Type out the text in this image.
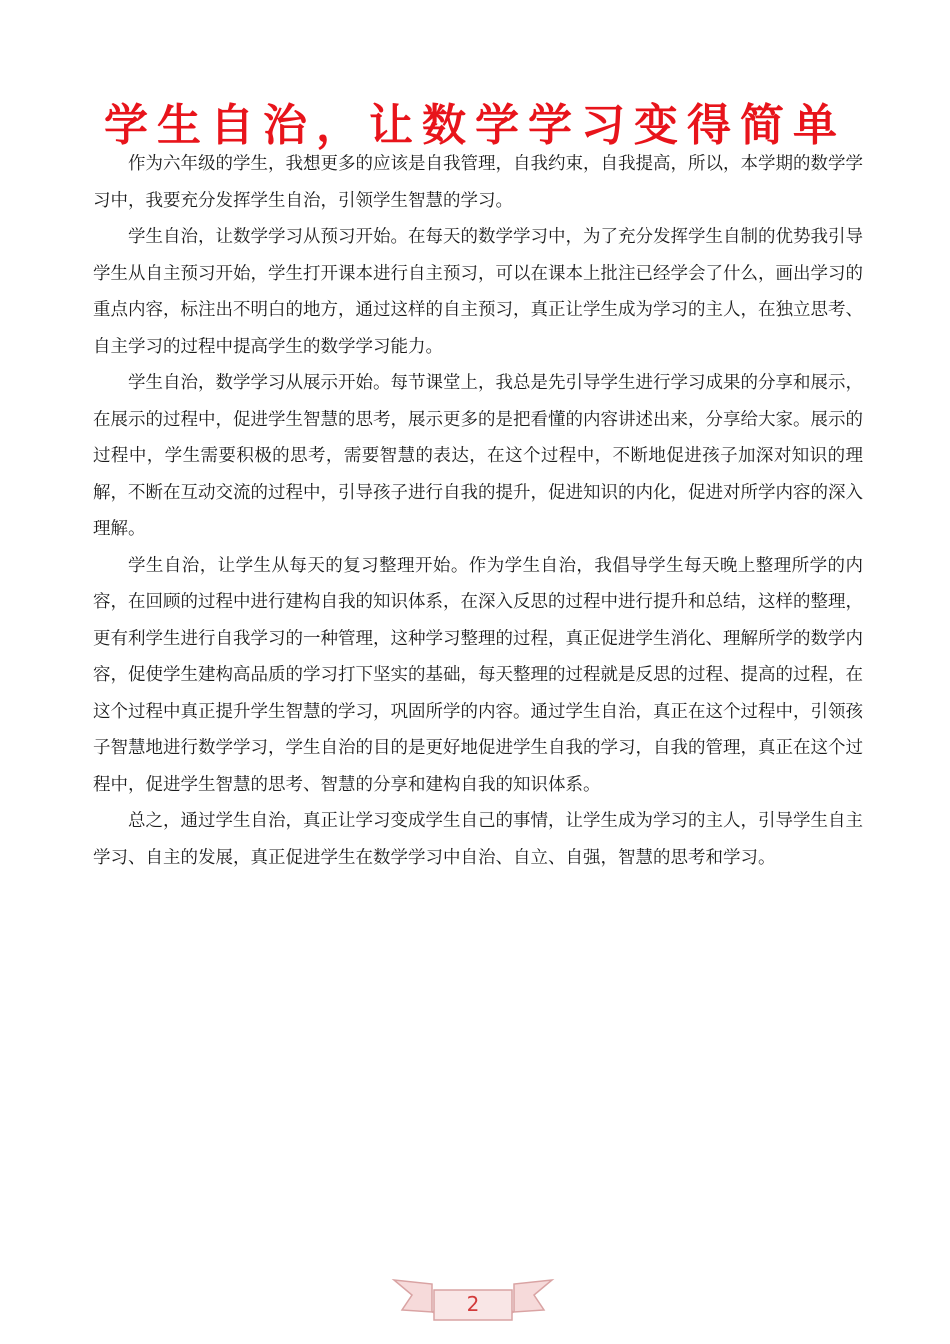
学生自治，让数学学习变得简单

作为六年级的学生，我想更多的应该是自我管理，自我约束，自我提高，所以，本学期的数学学习中，我要充分发挥学生自治，引领学生智慧的学习。

学生自治，让数学学习从预习开始。在每天的数学学习中，为了充分发挥学生自制的优势我引导学生从自主预习开始，学生打开课本进行自主预习，可以在课本上批注已经学会了什么，画出学习的重点内容，标注出不明白的地方，通过这样的自主预习，真正让学生成为学习的主人，在独立思考、自主学习的过程中提高学生的数学学习能力。

学生自治，数学学习从展示开始。每节课堂上，我总是先引导学生进行学习成果的分享和展示，在展示的过程中，促进学生智慧的思考，展示更多的是把看懂的内容讲述出来，分享给大家。展示的过程中，学生需要积极的思考，需要智慧的表达，在这个过程中，不断地促进孩子加深对知识的理解，不断在互动交流的过程中，引导孩子进行自我的提升，促进知识的内化，促进对所学内容的深入理解。

学生自治，让学生从每天的复习整理开始。作为学生自治，我倡导学生每天晚上整理所学的内容，在回顾的过程中进行建构自我的知识体系，在深入反思的过程中进行提升和总结，这样的整理，更有利学生进行自我学习的一种管理，这种学习整理的过程，真正促进学生消化、理解所学的数学内容，促使学生建构高品质的学习打下坚实的基础，每天整理的过程就是反思的过程、提高的过程，在这个过程中真正提升学生智慧的学习，巩固所学的内容。通过学生自治，真正在这个过程中，引领孩子智慧地进行数学学习，学生自治的目的是更好地促进学生自我的学习，自我的管理，真正在这个过程中，促进学生智慧的思考、智慧的分享和建构自我的知识体系。

总之，通过学生自治，真正让学习变成学生自己的事情，让学生成为学习的主人，引导学生自主学习、自主的发展，真正促进学生在数学学习中自治、自立、自强，智慧的思考和学习。

2
